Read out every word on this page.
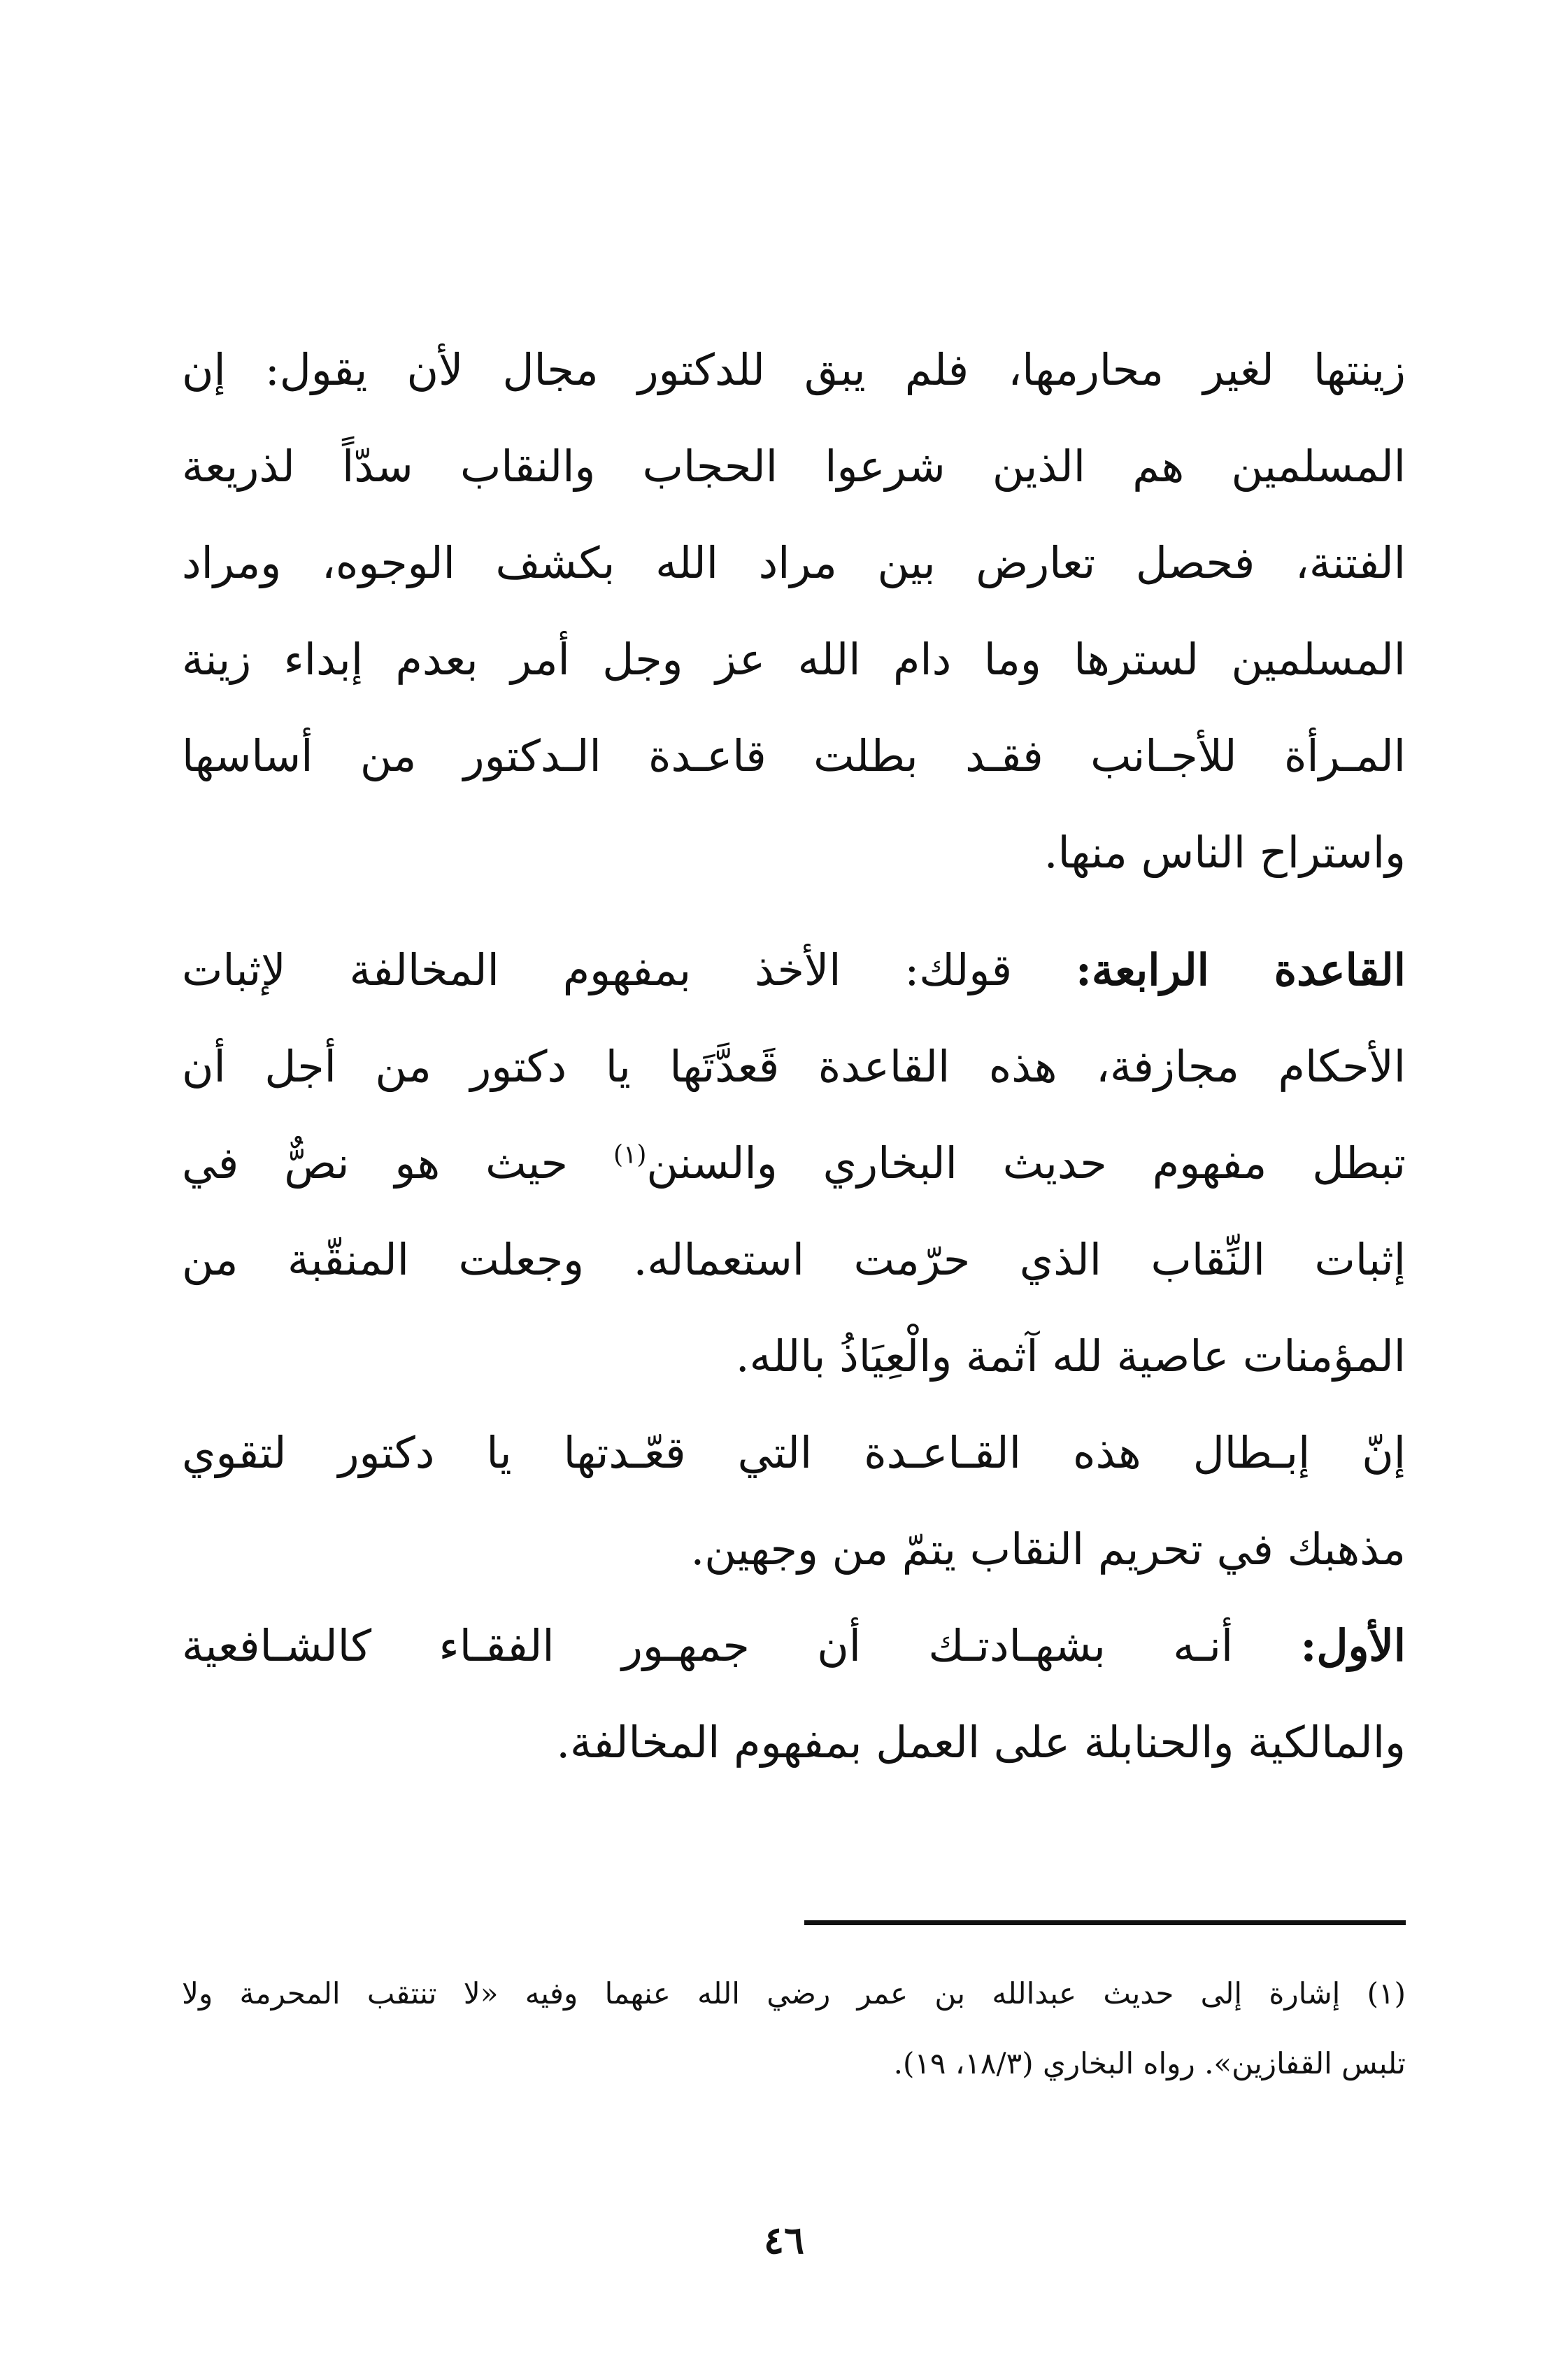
زينتها لغير محارمها، فلم يبق للدكتور مجال لأن يقول: إن
المسلمين هم الذين شرعوا الحجاب والنقاب سدّاً لذريعة
الفتنة، فحصل تعارض بين مراد الله بكشف الوجوه، ومراد
المسلمين لسترها وما دام الله عز وجل أمر بعدم إبداء زينة
المـرأة للأجـانب فقـد بطلت قاعـدة الـدكتور من أساسها
واستراح الناس منها.
القاعدة الرابعة: قولك: الأخذ بمفهوم المخالفة لإثبات
الأحكام مجازفة، هذه القاعدة قَعدَّتَها يا دكتور من أجل أن
تبطل مفهوم حديث البخاري والسنن$^{(١)}$ حيث هو نصٌّ في
إثبات النِّقاب الذي حرّمت استعماله. وجعلت المنقّبة من
المؤمنات عاصية لله آثمة والْعِيَاذُ بالله.
إنّ إبـطال هذه القـاعـدة التي قعّـدتها يا دكتور لتقوي
مذهبك في تحريم النقاب يتمّ من وجهين.
الأول: أنـه بشهـادتـك أن جمهـور الفقـاء كالشـافعية
والمالكية والحنابلة على العمل بمفهوم المخالفة.
(١) إشارة إلى حديث عبدالله بن عمر رضي الله عنهما وفيه «لا تنتقب المحرمة ولا
تلبس القفازين». رواه البخاري (١٨/٣، ١٩).
٤٦
